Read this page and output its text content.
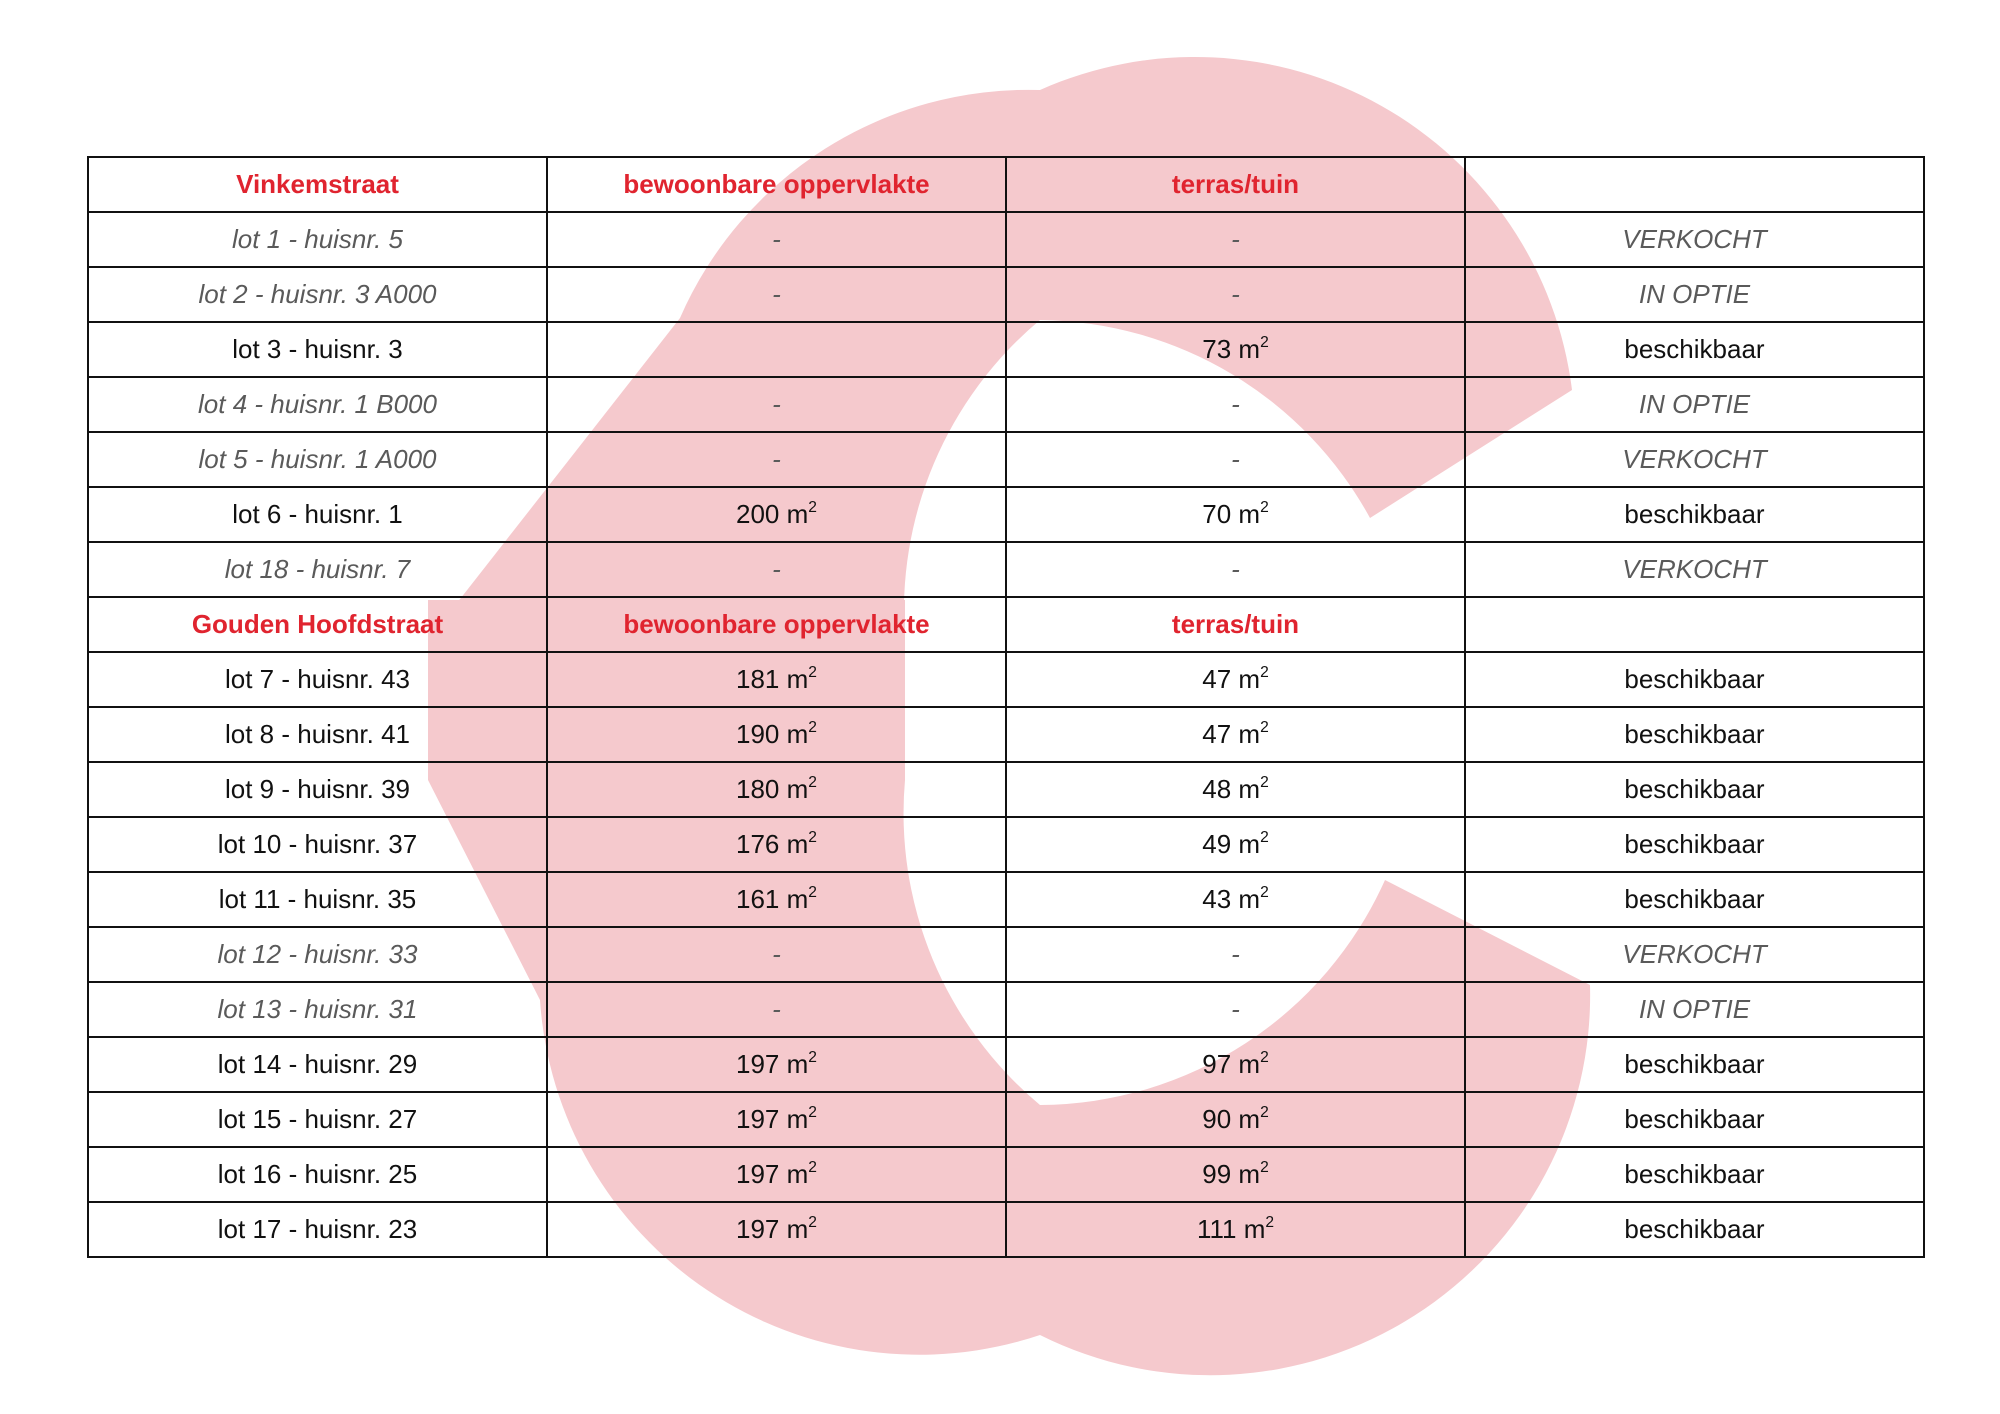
Vinkemstraat	bewoonbare oppervlakte	terras/tuin	
lot 1 - huisnr. 5	-	-	VERKOCHT
lot 2 - huisnr. 3 A000	-	-	IN OPTIE
lot 3 - huisnr. 3		73 $m^2$	beschikbaar
lot 4 - huisnr. 1 B000	-	-	IN OPTIE
lot 5 - huisnr. 1 A000	-	-	VERKOCHT
lot 6 - huisnr. 1	200 $m^2$	70 $m^2$	beschikbaar
lot 18 - huisnr. 7	-	-	VERKOCHT
Gouden Hoofdstraat	bewoonbare oppervlakte	terras/tuin	
lot 7 - huisnr. 43	181 $m^2$	47 $m^2$	beschikbaar
lot 8 - huisnr. 41	190 $m^2$	47 $m^2$	beschikbaar
lot 9 - huisnr. 39	180 $m^2$	48 $m^2$	beschikbaar
lot 10 - huisnr. 37	176 $m^2$	49 $m^2$	beschikbaar
lot 11 - huisnr. 35	161 $m^2$	43 $m^2$	beschikbaar
lot 12 - huisnr. 33	-	-	VERKOCHT
lot 13 - huisnr. 31	-	-	IN OPTIE
lot 14 - huisnr. 29	197 $m^2$	97 $m^2$	beschikbaar
lot 15 - huisnr. 27	197 $m^2$	90 $m^2$	beschikbaar
lot 16 - huisnr. 25	197 $m^2$	99 $m^2$	beschikbaar
lot 17 - huisnr. 23	197 $m^2$	111 $m^2$	beschikbaar
